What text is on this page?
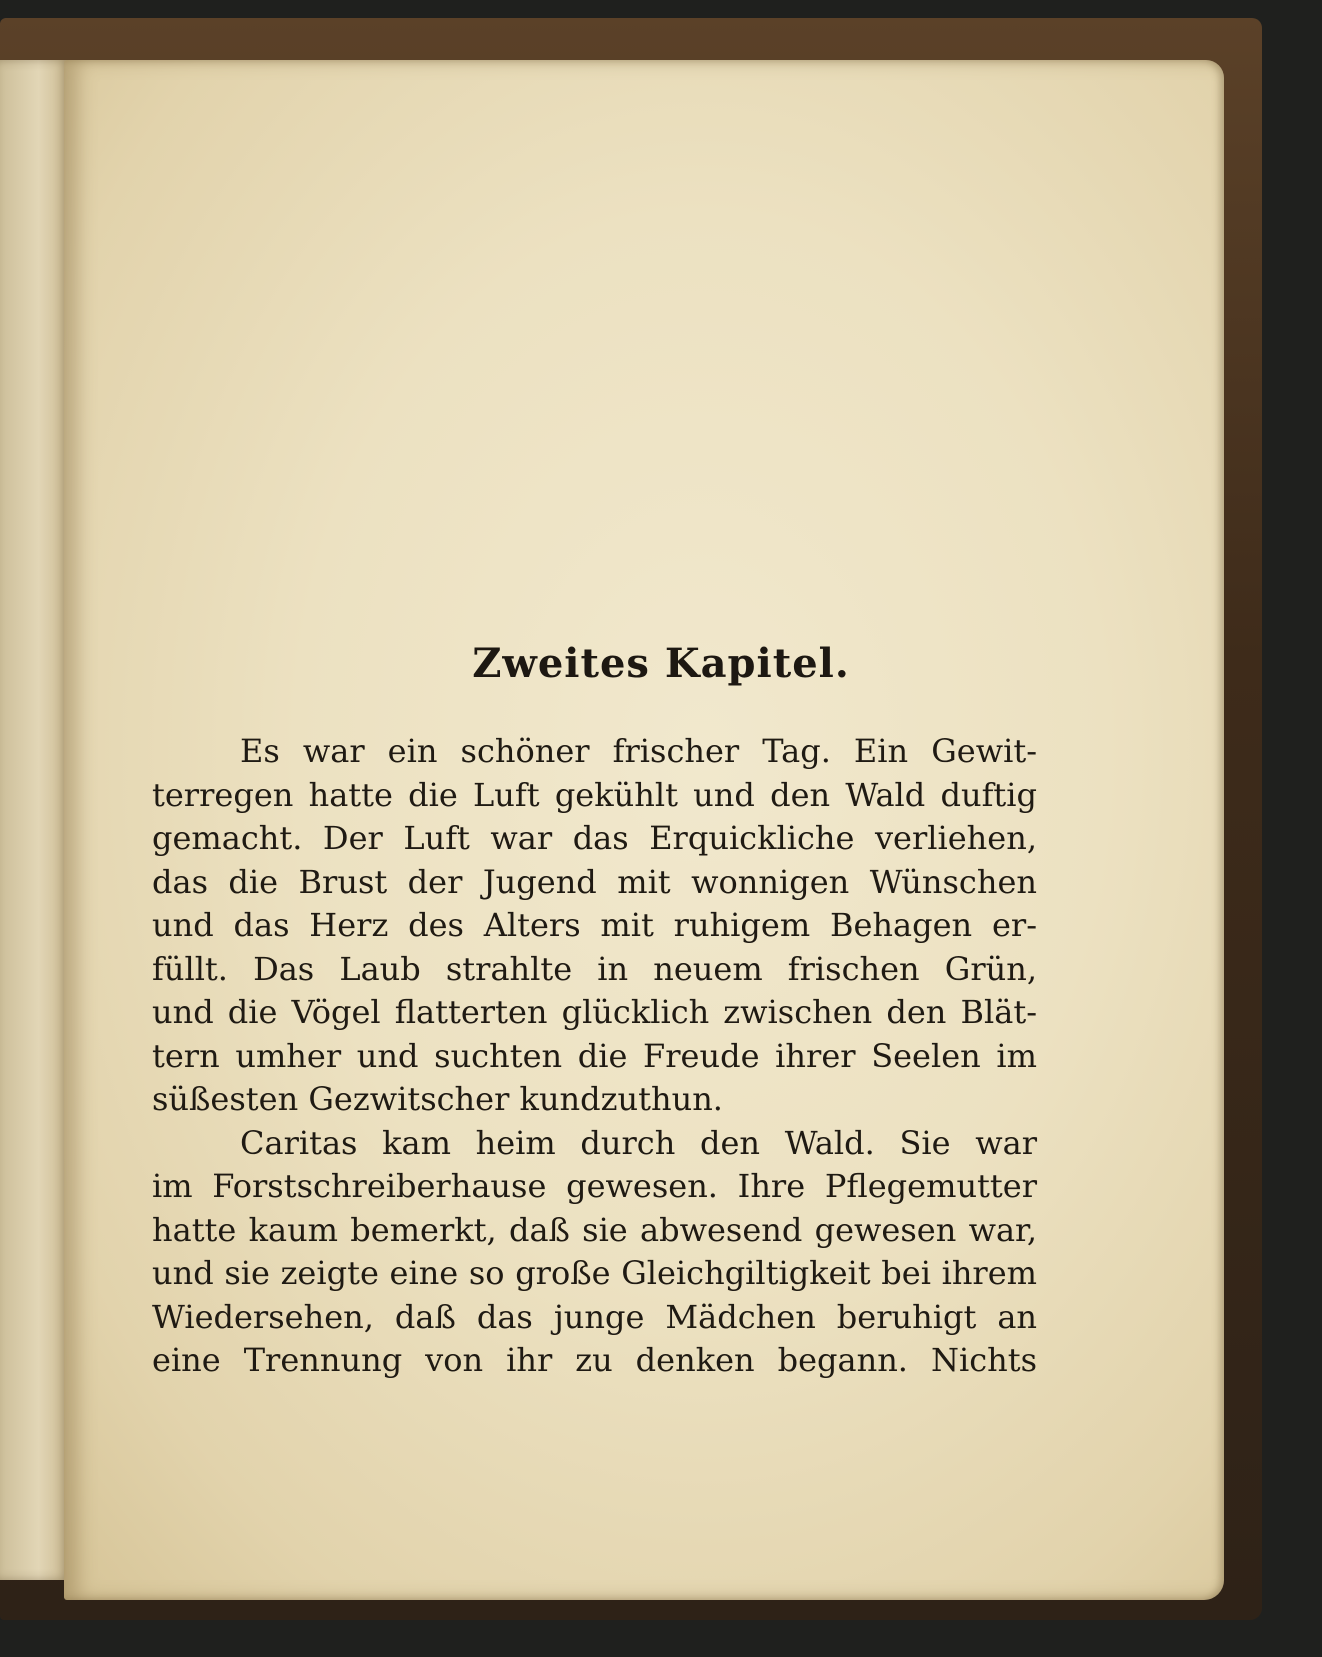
Zweites Kapitel.
Es war ein schöner frischer Tag. Ein Gewit-
terregen hatte die Luft gekühlt und den Wald duftig
gemacht. Der Luft war das Erquickliche verliehen,
das die Brust der Jugend mit wonnigen Wünschen
und das Herz des Alters mit ruhigem Behagen er-
füllt. Das Laub strahlte in neuem frischen Grün,
und die Vögel flatterten glücklich zwischen den Blät-
tern umher und suchten die Freude ihrer Seelen im
süßesten Gezwitscher kundzuthun.
Caritas kam heim durch den Wald. Sie war
im Forstschreiberhause gewesen. Ihre Pflegemutter
hatte kaum bemerkt, daß sie abwesend gewesen war,
und sie zeigte eine so große Gleichgiltigkeit bei ihrem
Wiedersehen, daß das junge Mädchen beruhigt an
eine Trennung von ihr zu denken begann. Nichts
